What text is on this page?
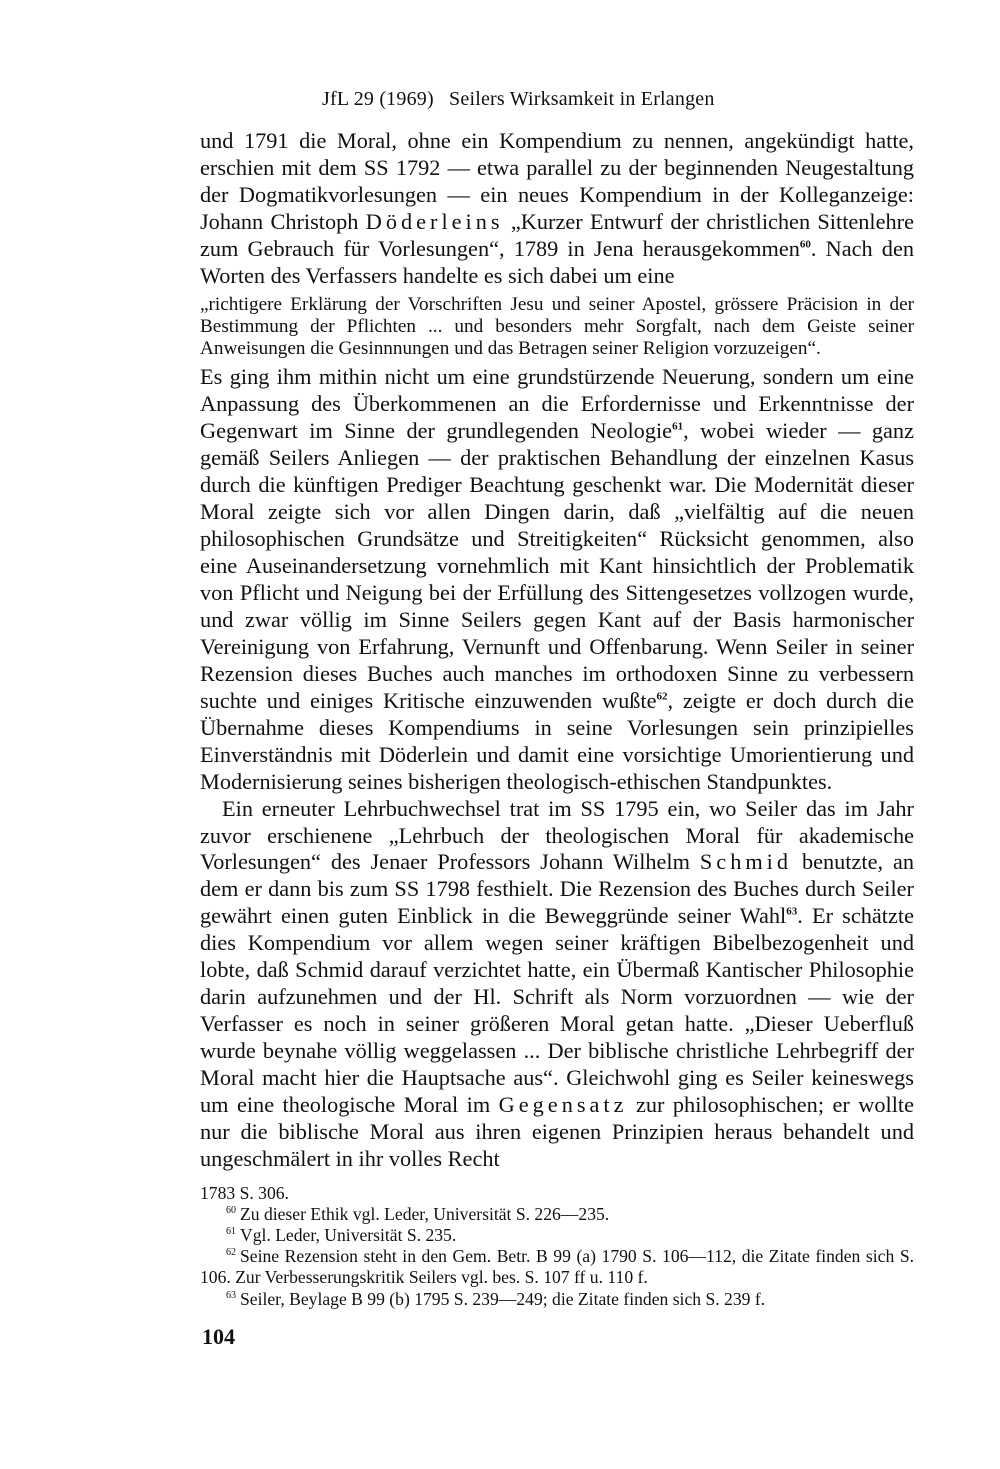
JfL 29 (1969) Seilers Wirksamkeit in Erlangen

und 1791 die Moral, ohne ein Kompendium zu nennen, angekündigt hatte, erschien mit dem SS 1792 — etwa parallel zu der beginnenden Neugestaltung der Dogmatikvorlesungen — ein neues Kompendium in der Kolleganzeige: Johann Christoph Döderleins „Kurzer Entwurf der christlichen Sittenlehre zum Gebrauch für Vorlesungen“, 1789 in Jena herausgekommen$^{60}$. Nach den Worten des Verfassers handelte es sich dabei um eine

„richtigere Erklärung der Vorschriften Jesu und seiner Apostel, grössere Präcision in der Bestimmung der Pflichten ... und besonders mehr Sorgfalt, nach dem Geiste seiner Anweisungen die Gesinnnungen und das Betragen seiner Religion vorzuzeigen“.

Es ging ihm mithin nicht um eine grundstürzende Neuerung, sondern um eine Anpassung des Überkommenen an die Erfordernisse und Erkenntnisse der Gegenwart im Sinne der grundlegenden Neologie$^{61}$, wobei wieder — ganz gemäß Seilers Anliegen — der praktischen Behandlung der einzelnen Kasus durch die künftigen Prediger Beachtung geschenkt war. Die Modernität dieser Moral zeigte sich vor allen Dingen darin, daß „vielfältig auf die neuen philosophischen Grundsätze und Streitigkeiten“ Rücksicht genommen, also eine Auseinandersetzung vornehmlich mit Kant hinsichtlich der Problematik von Pflicht und Neigung bei der Erfüllung des Sittengesetzes vollzogen wurde, und zwar völlig im Sinne Seilers gegen Kant auf der Basis harmonischer Vereinigung von Erfahrung, Vernunft und Offenbarung. Wenn Seiler in seiner Rezension dieses Buches auch manches im orthodoxen Sinne zu verbessern suchte und einiges Kritische einzuwenden wußte$^{62}$, zeigte er doch durch die Übernahme dieses Kompendiums in seine Vorlesungen sein prinzipielles Einverständnis mit Döderlein und damit eine vorsichtige Umorientierung und Modernisierung seines bisherigen theologisch-ethischen Standpunktes.

Ein erneuter Lehrbuchwechsel trat im SS 1795 ein, wo Seiler das im Jahr zuvor erschienene „Lehrbuch der theologischen Moral für akademische Vorlesungen“ des Jenaer Professors Johann Wilhelm Schmid benutzte, an dem er dann bis zum SS 1798 festhielt. Die Rezension des Buches durch Seiler gewährt einen guten Einblick in die Beweggründe seiner Wahl$^{63}$. Er schätzte dies Kompendium vor allem wegen seiner kräftigen Bibelbezogenheit und lobte, daß Schmid darauf verzichtet hatte, ein Übermaß Kantischer Philosophie darin aufzunehmen und der Hl. Schrift als Norm vorzuordnen — wie der Verfasser es noch in seiner größeren Moral getan hatte. „Dieser Ueberfluß wurde beynahe völlig weggelassen ... Der biblische christliche Lehrbegriff der Moral macht hier die Hauptsache aus“. Gleichwohl ging es Seiler keineswegs um eine theologische Moral im Gegensatz zur philosophischen; er wollte nur die biblische Moral aus ihren eigenen Prinzipien heraus behandelt und ungeschmälert in ihr volles Recht

1783 S. 306.

$^{60}$ Zu dieser Ethik vgl. Leder, Universität S. 226—235.

$^{61}$ Vgl. Leder, Universität S. 235.

$^{62}$ Seine Rezension steht in den Gem. Betr. B 99 (a) 1790 S. 106—112, die Zitate finden sich S. 106. Zur Verbesserungskritik Seilers vgl. bes. S. 107 ff u. 110 f.

$^{63}$ Seiler, Beylage B 99 (b) 1795 S. 239—249; die Zitate finden sich S. 239 f.

104
